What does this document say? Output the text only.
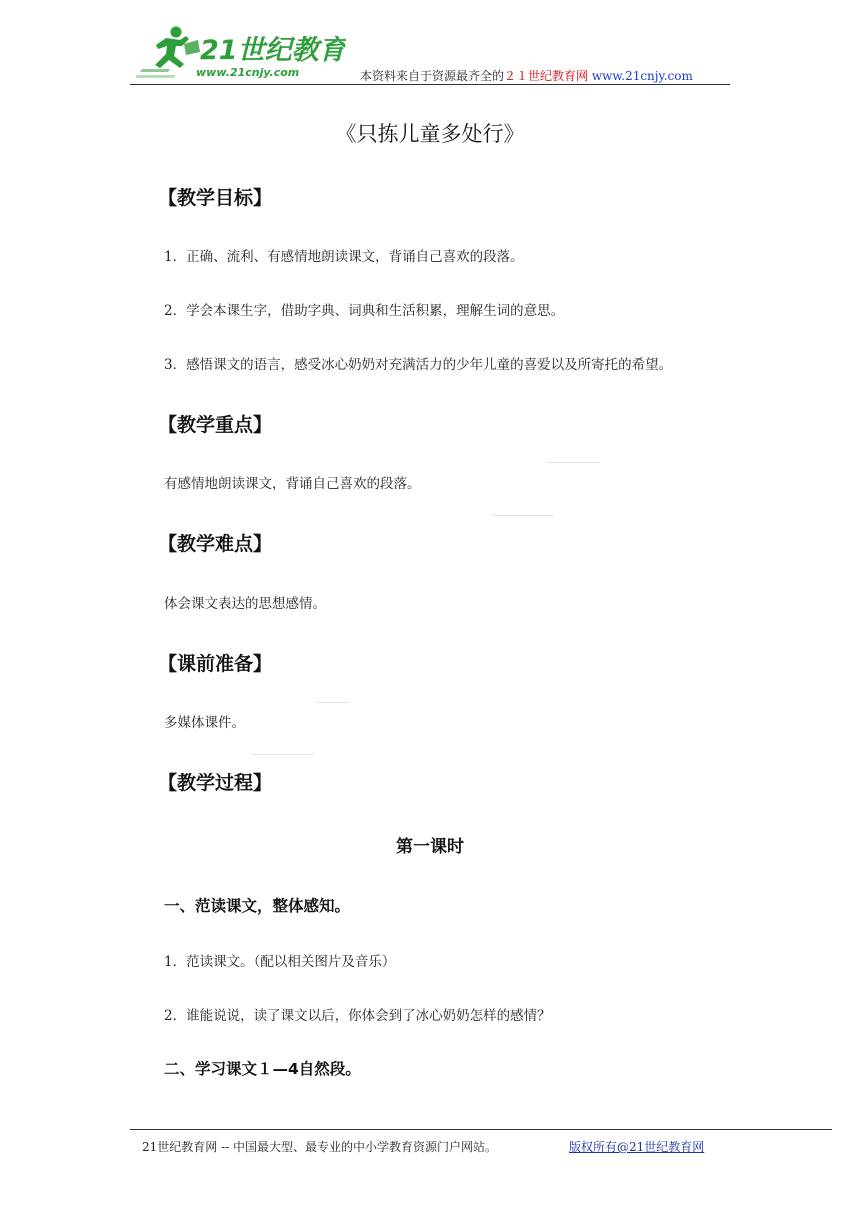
21世纪教育
www.21cnjy.com	本资料来自于资源最齐全的２１世纪教育网 www.21cnjy.com
《只拣儿童多处行》
【教学目标】
1．正确、流利、有感情地朗读课文，背诵自己喜欢的段落。
2．学会本课生字，借助字典、词典和生活积累，理解生词的意思。
3．感悟课文的语言，感受冰心奶奶对充满活力的少年儿童的喜爱以及所寄托的希望。
【教学重点】
有感情地朗读课文，背诵自己喜欢的段落。
【教学难点】
体会课文表达的思想感情。
【课前准备】
多媒体课件。
【教学过程】
第一课时
一、范读课文，整体感知。
1．范读课文。（配以相关图片及音乐）
2．谁能说说，读了课文以后，你体会到了冰心奶奶怎样的感情？
二、学习课文１—4自然段。
21世纪教育网 -- 中国最大型、最专业的中小学教育资源门户网站。	版权所有@21世纪教育网
